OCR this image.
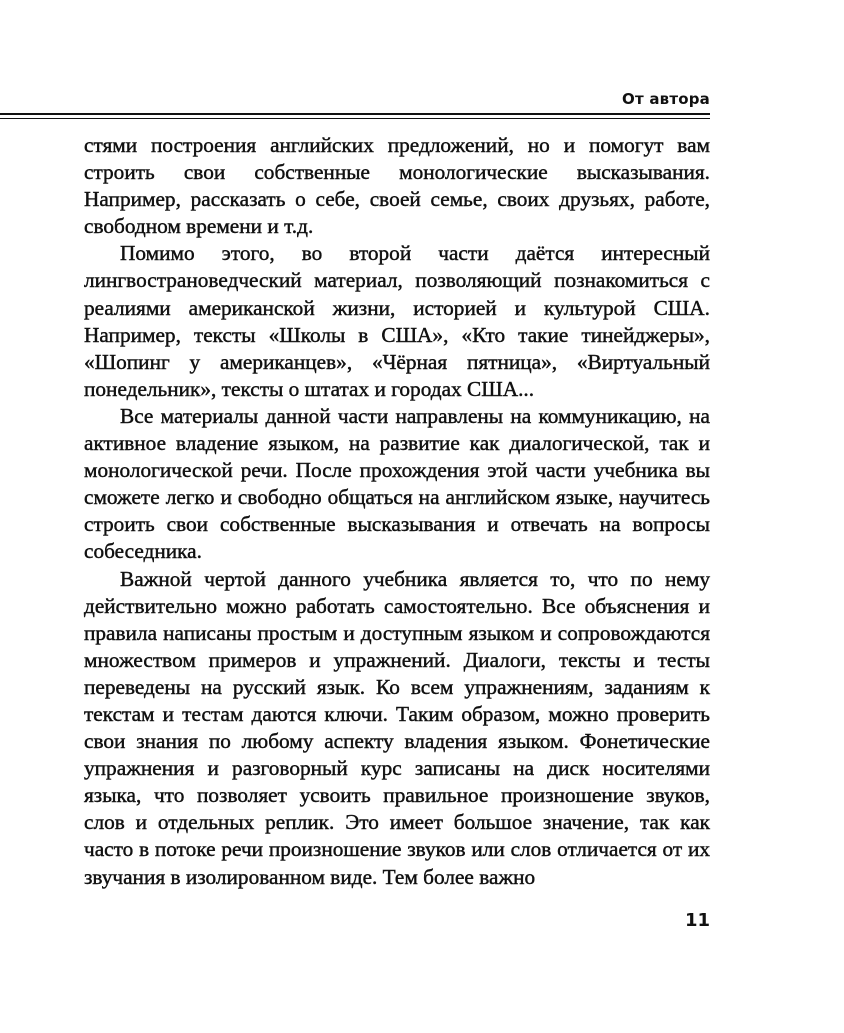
От автора

стями построения английских предложений, но и помогут вам строить свои собственные монологические высказывания. Например, рассказать о себе, своей семье, своих друзьях, работе, свободном времени и т.д.

Помимо этого, во второй части даётся интересный лингвострановедческий материал, позволяющий познакомиться с реалиями американской жизни, историей и культурой США. Например, тексты «Школы в США», «Кто такие тинейджеры», «Шопинг у американцев», «Чёрная пятница», «Виртуальный понедельник», тексты о штатах и городах США...

Все материалы данной части направлены на коммуникацию, на активное владение языком, на развитие как диалогической, так и монологической речи. После прохождения этой части учебника вы сможете легко и свободно общаться на английском языке, научитесь строить свои собственные высказывания и отвечать на вопросы собеседника.

Важной чертой данного учебника является то, что по нему действительно можно работать самостоятельно. Все объяснения и правила написаны простым и доступным языком и сопровождаются множеством примеров и упражнений. Диалоги, тексты и тесты переведены на русский язык. Ко всем упражнениям, заданиям к текстам и тестам даются ключи. Таким образом, можно проверить свои знания по любому аспекту владения языком. Фонетические упражнения и разговорный курс записаны на диск носителями языка, что позволяет усвоить правильное произношение звуков, слов и отдельных реплик. Это имеет большое значение, так как часто в потоке речи произношение звуков или слов отличается от их звучания в изолированном виде. Тем более важно

11
